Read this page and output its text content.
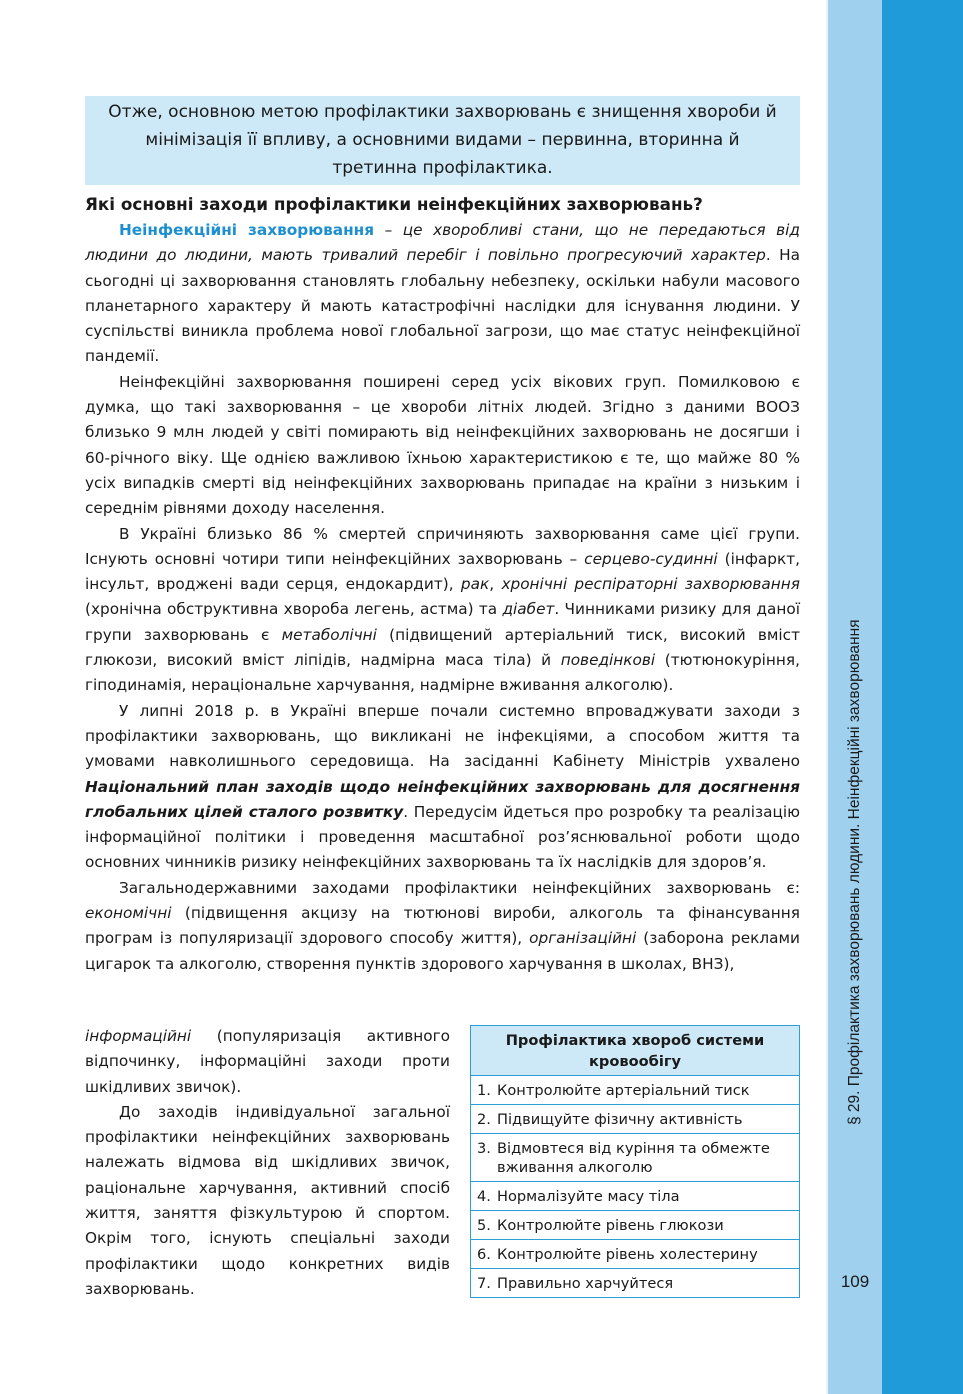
Отже, основною метою профілактики захворювань є знищення хвороби й мінімізація її впливу, а основними видами – первинна, вторинна й третинна профілактика.
Які основні заходи профілактики неінфекційних захворювань?

Неінфекційні захворювання – це хворобливі стани, що не передаються від людини до людини, мають тривалий перебіг і повільно прогресуючий характер. На сьогодні ці захворювання становлять глобальну небезпеку, оскільки набули масового планетарного характеру й мають катастрофічні наслідки для існування людини. У суспільстві виникла проблема нової глобальної загрози, що має статус неінфекційної пандемії.

Неінфекційні захворювання поширені серед усіх вікових груп. Помилковою є думка, що такі захворювання – це хвороби літніх людей. Згідно з даними ВООЗ близько 9 млн людей у світі помирають від неінфекційних захворювань не досягши і 60-річного віку. Ще однією важливою їхньою характеристикою є те, що майже 80 % усіх випадків смерті від неінфекційних захворювань припадає на країни з низьким і середнім рівнями доходу населення.

В Україні близько 86 % смертей спричиняють захворювання саме цієї групи. Існують основні чотири типи неінфекційних захворювань – серцево-судинні (інфаркт, інсульт, вроджені вади серця, ендокардит), рак, хронічні респіраторні захворювання (хронічна обструктивна хвороба легень, астма) та діабет. Чинниками ризику для даної групи захворювань є метаболічні (підвищений артеріальний тиск, високий вміст глюкози, високий вміст ліпідів, надмірна маса тіла) й поведінкові (тютюнокуріння, гіподинамія, нераціональне харчування, надмірне вживання алкоголю).

У липні 2018 р. в Україні вперше почали системно впроваджувати заходи з профілактики захворювань, що викликані не інфекціями, а способом життя та умовами навколишнього середовища. На засіданні Кабінету Міністрів ухвалено Національний план заходів щодо неінфекційних захворювань для досягнення глобальних цілей сталого розвитку. Передусім йдеться про розробку та реалізацію інформаційної політики і проведення масштабної роз’яснювальної роботи щодо основних чинників ризику неінфекційних захворювань та їх наслідків для здоров’я.

Загальнодержавними заходами профілактики неінфекційних захворювань є: економічні (підвищення акцизу на тютюнові вироби, алкоголь та фінансування програм із популяризації здорового способу життя), організаційні (заборона реклами цигарок та алкоголю, створення пунктів здорового харчування в школах, ВНЗ),

Профілактика хвороб системи кровообігу
1. Контролюйте артеріальний тиск
2. Підвищуйте фізичну активність
3. Відмовтеся від куріння та обмежте вживання алкоголю
4. Нормалізуйте масу тіла
5. Контролюйте рівень глюкози
6. Контролюйте рівень холестерину
7. Правильно харчуйтеся

інформаційні (популяризація активного відпочинку, інформаційні заходи проти шкідливих звичок).

До заходів індивідуальної загальної профілактики неінфекційних захворювань належать відмова від шкідливих звичок, раціональне харчування, активний спосіб життя, заняття фізкультурою й спортом. Окрім того, існують спеціальні заходи профілактики щодо конкретних видів захворювань.

§ 29. Профілактика захворювань людини. Неінфекційні захворювання
109
